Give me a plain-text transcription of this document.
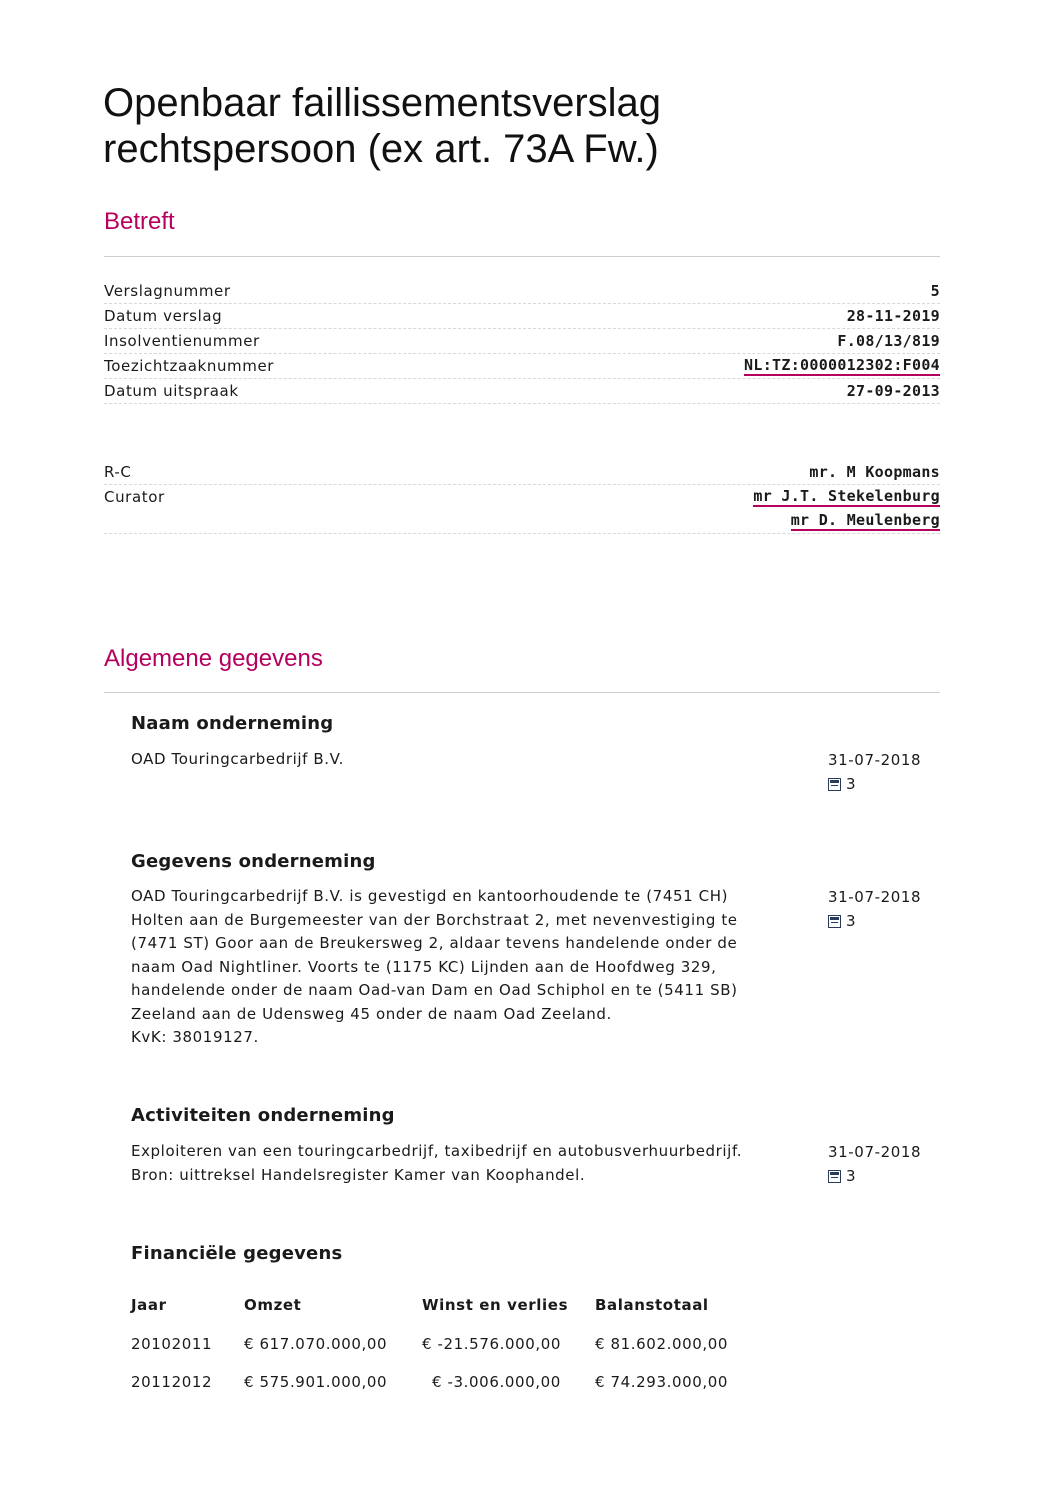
Openbaar faillissementsverslag
rechtspersoon (ex art. 73A Fw.)
Betreft
Verslagnummer	5
Datum verslag	28-11-2019
Insolventienummer	F.08/13/819
Toezichtzaaknummer	NL:TZ:0000012302:F004
Datum uitspraak	27-09-2013
R-C	mr. M Koopmans
Curator	mr J.T. Stekelenburg
mr D. Meulenberg
Algemene gegevens
Naam onderneming

OAD Touringcarbedrijf B.V.	31-07-2018
3
Gegevens onderneming

OAD Touringcarbedrijf B.V. is gevestigd en kantoorhoudende te (7451 CH) Holten aan de Burgemeester van der Borchstraat 2, met nevenvestiging te (7471 ST) Goor aan de Breukersweg 2, aldaar tevens handelende onder de naam Oad Nightliner. Voorts te (1175 KC) Lijnden aan de Hoofdweg 329, handelende onder de naam Oad-van Dam en Oad Schiphol en te (5411 SB) Zeeland aan de Udensweg 45 onder de naam Oad Zeeland.

KvK: 38019127.

31-07-2018
3
Activiteiten onderneming

Exploiteren van een touringcarbedrijf, taxibedrijf en autobusverhuurbedrijf.

Bron: uittreksel Handelsregister Kamer van Koophandel.

31-07-2018
3
Financiële gegevens
Jaar	Omzet	Winst en verlies	Balanstotaal
20102011	€ 617.070.000,00	€ -21.576.000,00	€ 81.602.000,00
20112012	€ 575.901.000,00	€ -3.006.000,00	€ 74.293.000,00
